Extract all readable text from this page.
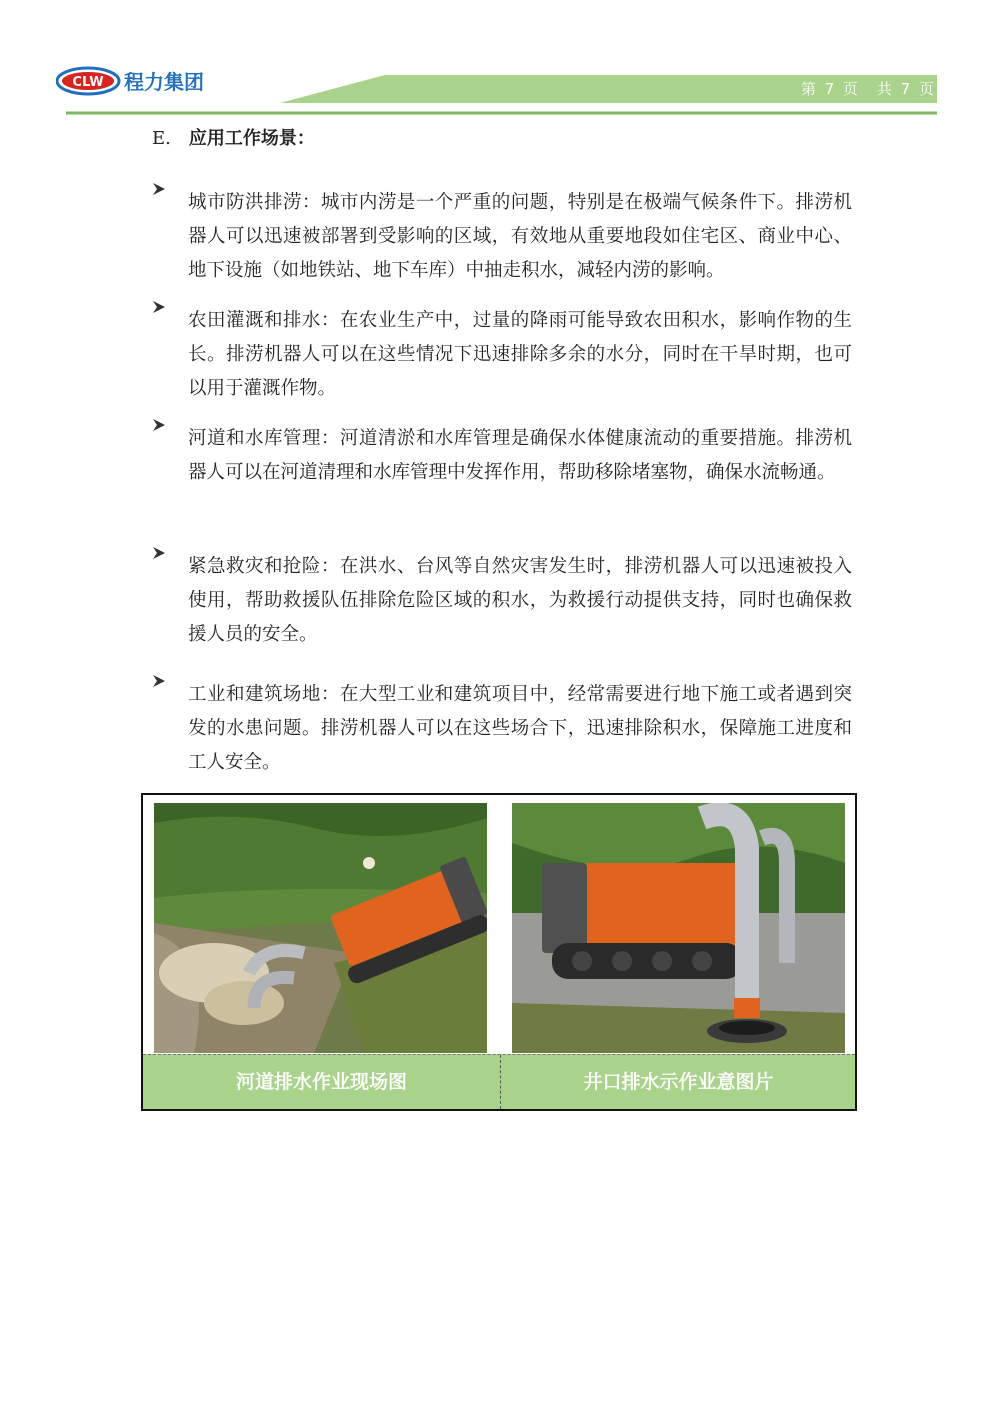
CLW 程力集团	第 7 页　共 7 页
E. 应用工作场景：

城市防洪排涝：城市内涝是一个严重的问题，特别是在极端气候条件下。排涝机器人可以迅速被部署到受影响的区域，有效地从重要地段如住宅区、商业中心、地下设施（如地铁站、地下车库）中抽走积水，减轻内涝的影响。

农田灌溉和排水：在农业生产中，过量的降雨可能导致农田积水，影响作物的生长。排涝机器人可以在这些情况下迅速排除多余的水分，同时在干旱时期，也可以用于灌溉作物。

河道和水库管理：河道清淤和水库管理是确保水体健康流动的重要措施。排涝机器人可以在河道清理和水库管理中发挥作用，帮助移除堵塞物，确保水流畅通。

紧急救灾和抢险：在洪水、台风等自然灾害发生时，排涝机器人可以迅速被投入使用，帮助救援队伍排除危险区域的积水，为救援行动提供支持，同时也确保救援人员的安全。

工业和建筑场地：在大型工业和建筑项目中，经常需要进行地下施工或者遇到突发的水患问题。排涝机器人可以在这些场合下，迅速排除积水，保障施工进度和工人安全。

河道排水作业现场图	井口排水示作业意图片
